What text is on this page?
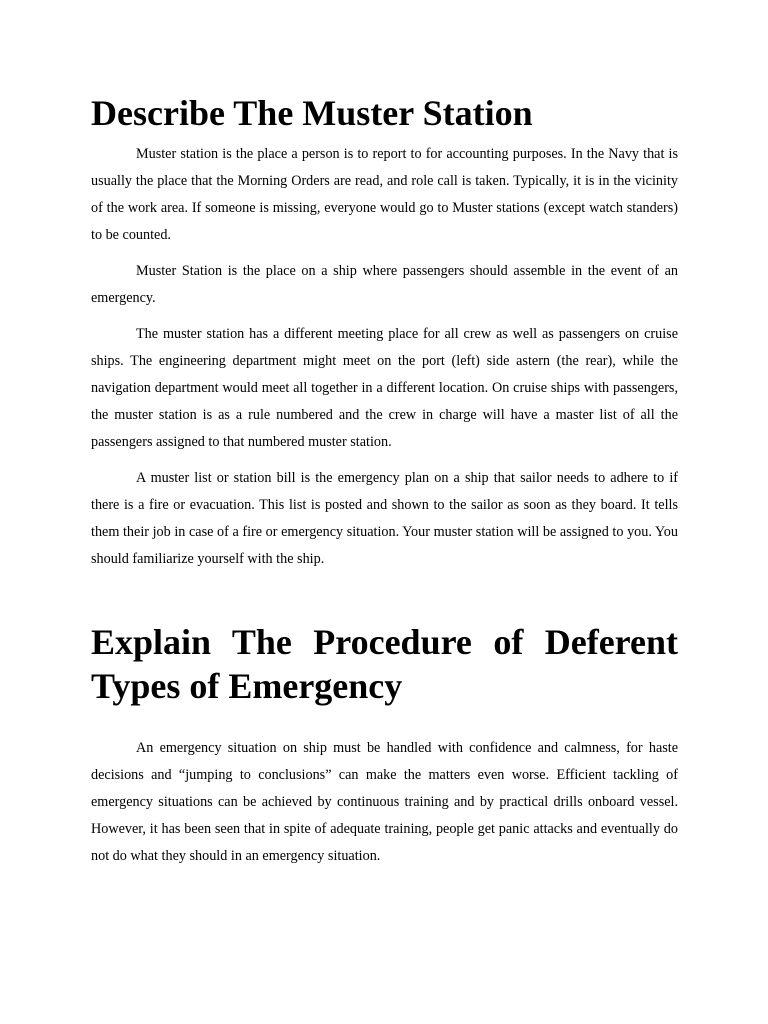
Describe The Muster Station

Muster station is the place a person is to report to for accounting purposes. In the Navy that is usually the place that the Morning Orders are read, and role call is taken. Typically, it is in the vicinity of the work area. If someone is missing, everyone would go to Muster stations (except watch standers) to be counted.

Muster Station is the place on a ship where passengers should assemble in the event of an emergency.

The muster station has a different meeting place for all crew as well as passengers on cruise ships. The engineering department might meet on the port (left) side astern (the rear), while the navigation department would meet all together in a different location. On cruise ships with passengers, the muster station is as a rule numbered and the crew in charge will have a master list of all the passengers assigned to that numbered muster station.

A muster list or station bill is the emergency plan on a ship that sailor needs to adhere to if there is a fire or evacuation. This list is posted and shown to the sailor as soon as they board. It tells them their job in case of a fire or emergency situation. Your muster station will be assigned to you. You should familiarize yourself with the ship.

Explain The Procedure of Deferent Types of Emergency

An emergency situation on ship must be handled with confidence and calmness, for haste decisions and “jumping to conclusions” can make the matters even worse. Efficient tackling of emergency situations can be achieved by continuous training and by practical drills onboard vessel. However, it has been seen that in spite of adequate training, people get panic attacks and eventually do not do what they should in an emergency situation.
